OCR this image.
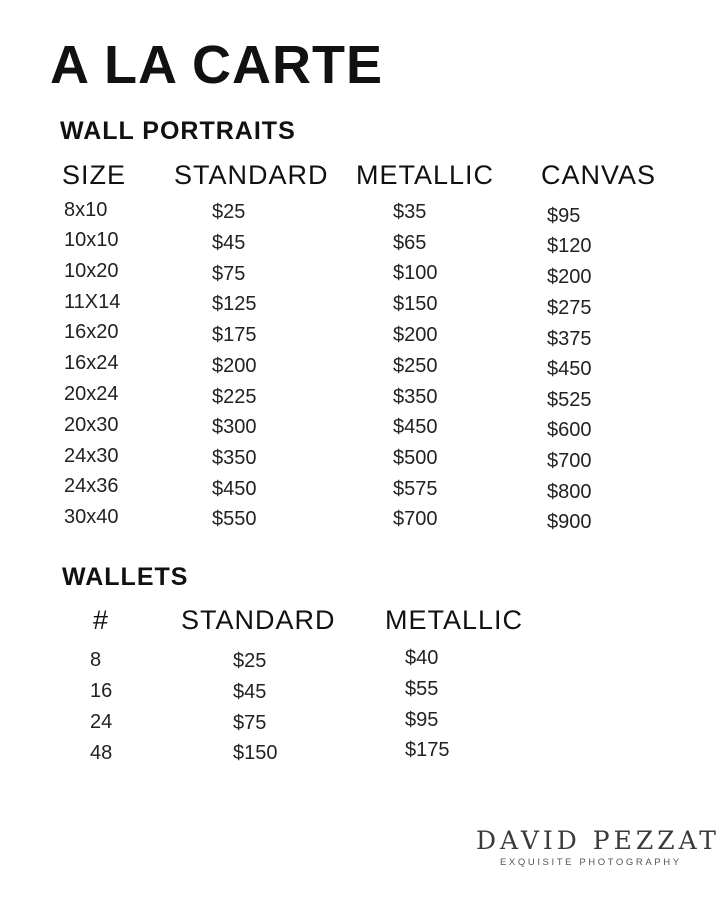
A LA CARTE
WALL PORTRAITS
SIZE STANDARD METALLIC CANVAS
8x10	$25	$35	$95
10x10	$45	$65	$120
10x20	$75	$100	$200
11X14	$125	$150	$275
16x20	$175	$200	$375
16x24	$200	$250	$450
20x24	$225	$350	$525
20x30	$300	$450	$600
24x30	$350	$500	$700
24x36	$450	$575	$800
30x40	$550	$700	$900
WALLETS
#	STANDARD METALLIC
8	$25	$40
16	$45	$55
24	$75	$95
48	$150	$175
DAVID PEZZAT
EXQUISITE PHOTOGRAPHY
